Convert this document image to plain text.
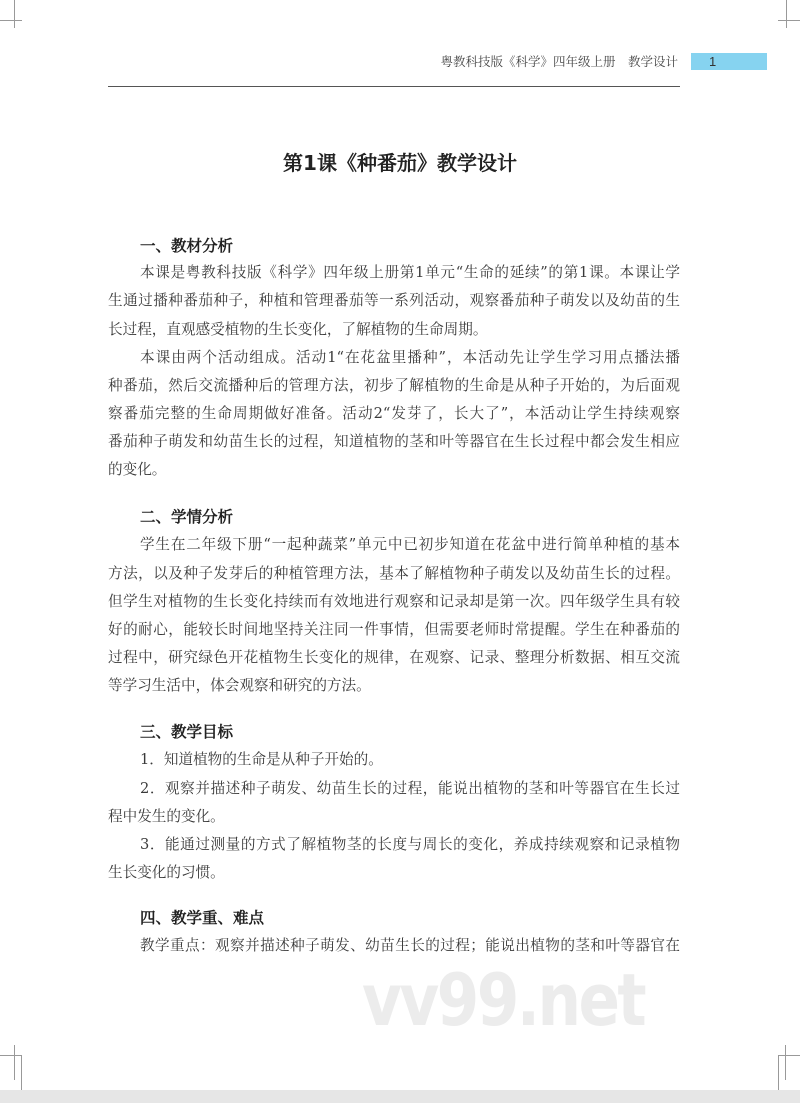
粤教科技版《科学》四年级上册　教学设计	1
第1课《种番茄》教学设计
一、教材分析
本课是粤教科技版《科学》四年级上册第1单元“生命的延续”的第1课。本课让学
生通过播种番茄种子，种植和管理番茄等一系列活动，观察番茄种子萌发以及幼苗的生
长过程，直观感受植物的生长变化，了解植物的生命周期。
本课由两个活动组成。活动1“在花盆里播种”，本活动先让学生学习用点播法播
种番茄，然后交流播种后的管理方法，初步了解植物的生命是从种子开始的，为后面观
察番茄完整的生命周期做好准备。活动2“发芽了，长大了”，本活动让学生持续观察
番茄种子萌发和幼苗生长的过程，知道植物的茎和叶等器官在生长过程中都会发生相应
的变化。
二、学情分析
学生在二年级下册“一起种蔬菜”单元中已初步知道在花盆中进行简单种植的基本
方法，以及种子发芽后的种植管理方法，基本了解植物种子萌发以及幼苗生长的过程。
但学生对植物的生长变化持续而有效地进行观察和记录却是第一次。四年级学生具有较
好的耐心，能较长时间地坚持关注同一件事情，但需要老师时常提醒。学生在种番茄的
过程中，研究绿色开花植物生长变化的规律，在观察、记录、整理分析数据、相互交流
等学习生活中，体会观察和研究的方法。
三、教学目标
1．知道植物的生命是从种子开始的。
2．观察并描述种子萌发、幼苗生长的过程，能说出植物的茎和叶等器官在生长过
程中发生的变化。
3．能通过测量的方式了解植物茎的长度与周长的变化，养成持续观察和记录植物
生长变化的习惯。
四、教学重、难点
教学重点：观察并描述种子萌发、幼苗生长的过程；能说出植物的茎和叶等器官在
vv99.net
